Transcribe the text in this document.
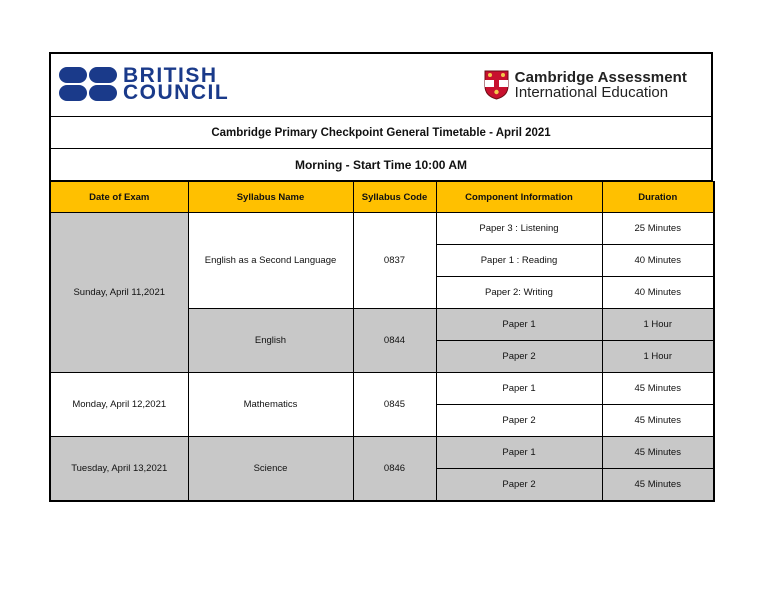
BRITISH
COUNCIL
Cambridge Assessment
International Education
Cambridge Primary Checkpoint General Timetable - April 2021
Morning - Start Time 10:00 AM
Date of Exam	Syllabus Name	Syllabus Code	Component Information	Duration
Sunday, April 11,2021	English as a Second Language	0837	Paper 3 : Listening	25 Minutes
			Paper 1 : Reading	40 Minutes
			Paper 2: Writing	40 Minutes
	English	0844	Paper 1	1 Hour
			Paper 2	1 Hour
Monday, April 12,2021	Mathematics	0845	Paper 1	45 Minutes
			Paper 2	45 Minutes
Tuesday, April 13,2021	Science	0846	Paper 1	45 Minutes
			Paper 2	45 Minutes
